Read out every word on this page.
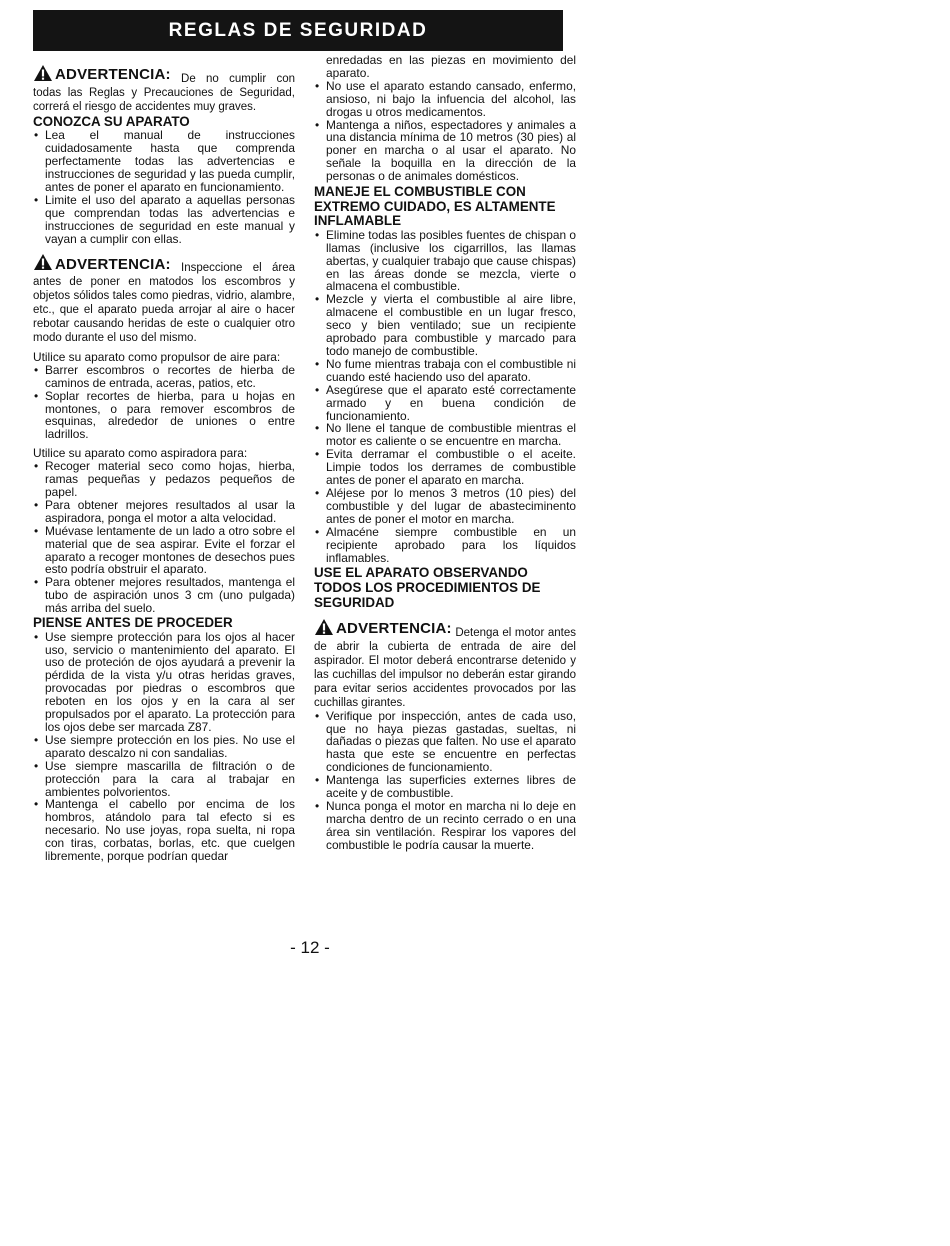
REGLAS DE SEGURIDAD
ADVERTENCIA: De no cumplir con todas las Reglas y Precauciones de Seguridad, correrá el riesgo de accidentes muy graves.

CONOZCA SU APARATO

• Lea el manual de instrucciones cuidadosamente hasta que comprenda perfectamente todas las advertencias e instrucciones de seguridad y las pueda cumplir, antes de poner el aparato en funcionamiento.
• Limite el uso del aparato a aquellas personas que comprendan todas las advertencias e instrucciones de seguridad en este manual y vayan a cumplir con ellas.
ADVERTENCIA: Inspeccione el área antes de poner en matodos los escombros y objetos sólidos tales como piedras, vidrio, alambre, etc., que el aparato pueda arrojar al aire o hacer rebotar causando heridas de este o cualquier otro modo durante el uso del mismo.

Utilice su aparato como propulsor de aire para:

• Barrer escombros o recortes de hierba de caminos de entrada, aceras, patios, etc.
• Soplar recortes de hierba, para u hojas en montones, o para remover escombros de esquinas, alrededor de uniones o entre ladrillos.

Utilice su aparato como aspiradora para:

• Recoger material seco como hojas, hierba, ramas pequeñas y pedazos pequeños de papel.
• Para obtener mejores resultados al usar la aspiradora, ponga el motor a alta velocidad.
• Muévase lentamente de un lado a otro sobre el material que de sea aspirar. Evite el forzar el aparato a recoger montones de desechos pues esto podría obstruir el aparato.
• Para obtener mejores resultados, mantenga el tubo de aspiración unos 3 cm (uno pulgada) más arriba del suelo.

PIENSE ANTES DE PROCEDER

• Use siempre protección para los ojos al hacer uso, servicio o mantenimiento del aparato. El uso de proteción de ojos ayudará a prevenir la pérdida de la vista y/u otras heridas graves, provocadas por piedras o escombros que reboten en los ojos y en la cara al ser propulsados por el aparato. La protección para los ojos debe ser marcada Z87.
• Use siempre protección en los pies. No use el aparato descalzo ni con sandalias.
• Use siempre mascarilla de filtración o de protección para la cara al trabajar en ambientes polvorientos.
• Mantenga el cabello por encima de los hombros, atándolo para tal efecto si es necesario. No use joyas, ropa suelta, ni ropa con tiras, corbatas, borlas, etc. que cuelgen libremente, porque podrían quedar

enredadas en las piezas en movimiento del aparato.

• No use el aparato estando cansado, enfermo, ansioso, ni bajo la infuencia del alcohol, las drogas u otros medicamentos.
• Mantenga a niños, espectadores y animales a una distancia mínima de 10 metros (30 pies) al poner en marcha o al usar el aparato. No señale la boquilla en la dirección de la personas o de animales domésticos.

MANEJE EL COMBUSTIBLE CON EXTREMO CUIDADO, ES ALTAMENTE INFLAMABLE

• Elimine todas las posibles fuentes de chispan o llamas (inclusive los cigarrillos, las llamas abertas, y cualquier trabajo que cause chispas) en las áreas donde se mezcla, vierte o almacena el combustible.
• Mezcle y vierta el combustible al aire libre, almacene el combustible en un lugar fresco, seco y bien ventilado; sue un recipiente aprobado para combustible y marcado para todo manejo de combustible.
• No fume mientras trabaja con el combustible ni cuando esté haciendo uso del aparato.
• Asegúrese que el aparato esté correctamente armado y en buena condición de funcionamiento.
• No llene el tanque de combustible mientras el motor es caliente o se encuentre en marcha.
• Evita derramar el combustible o el aceite. Limpie todos los derrames de combustible antes de poner el aparato en marcha.
• Aléjese por lo menos 3 metros (10 pies) del combustible y del lugar de abasteciminento antes de poner el motor en marcha.
• Almacéne siempre combustible en un recipiente aprobado para los líquidos inflamables.

USE EL APARATO OBSERVANDO TODOS LOS PROCEDIMIENTOS DE SEGURIDAD

ADVERTENCIA: Detenga el motor antes de abrir la cubierta de entrada de aire del aspirador. El motor deberá encontrarse detenido y las cuchillas del impulsor no deberán estar girando para evitar serios accidentes provocados por las cuchillas girantes.
• Verifique por inspección, antes de cada uso, que no haya piezas gastadas, sueltas, ni dañadas o piezas que falten. No use el aparato hasta que este se encuentre en perfectas condiciones de funcionamiento.
• Mantenga las superficies externes libres de aceite y de combustible.
• Nunca ponga el motor en marcha ni lo deje en marcha dentro de un recinto cerrado o en una área sin ventilación. Respirar los vapores del combustible le podría causar la muerte.
- 12 -
